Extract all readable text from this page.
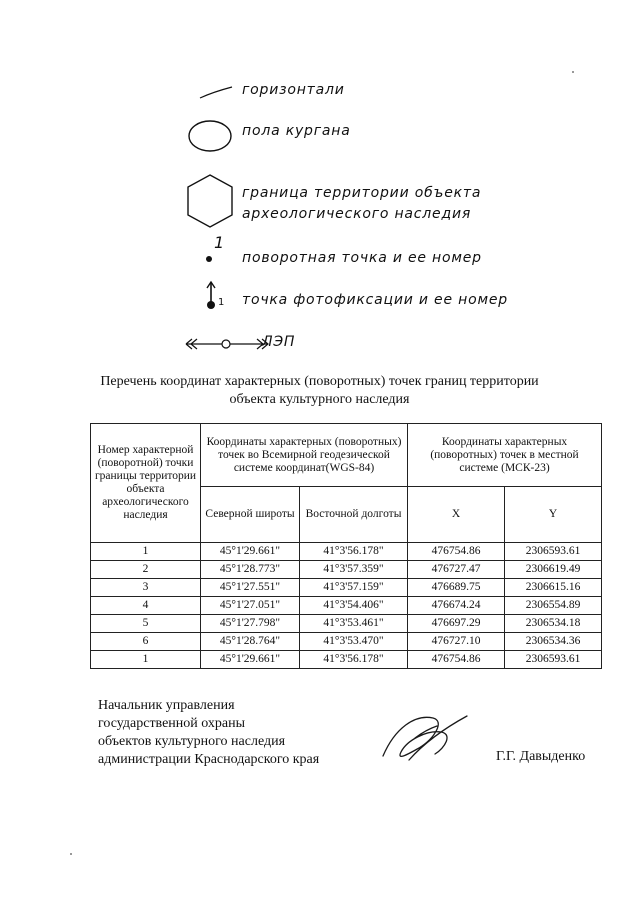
горизонтали
пола кургана
граница территории объекта
археологического наследия
1
поворотная точка и ее номер
1 точка фотофиксации и ее номер
ЛЭП
Перечень координат характерных (поворотных) точек границ территории
объекта культурного наследия
Номер характерной (поворотной) точки границы территории объекта археологического наследия	Координаты характерных (поворотных) точек во Всемирной геодезической системе координат(WGS-84)		Координаты характерных (поворотных) точек в местной системе (МСК-23)	
	Северной широты	Восточной долготы	X	Y
1	45°1'29.661"	41°3'56.178"	476754.86	2306593.61
2	45°1'28.773"	41°3'57.359"	476727.47	2306619.49
3	45°1'27.551"	41°3'57.159"	476689.75	2306615.16
4	45°1'27.051"	41°3'54.406"	476674.24	2306554.89
5	45°1'27.798"	41°3'53.461"	476697.29	2306534.18
6	45°1'28.764"	41°3'53.470"	476727.10	2306534.36
1	45°1'29.661"	41°3'56.178"	476754.86	2306593.61
Начальник управления
государственной охраны
объектов культурного наследия
администрации Краснодарского края	Г.Г. Давыденко
